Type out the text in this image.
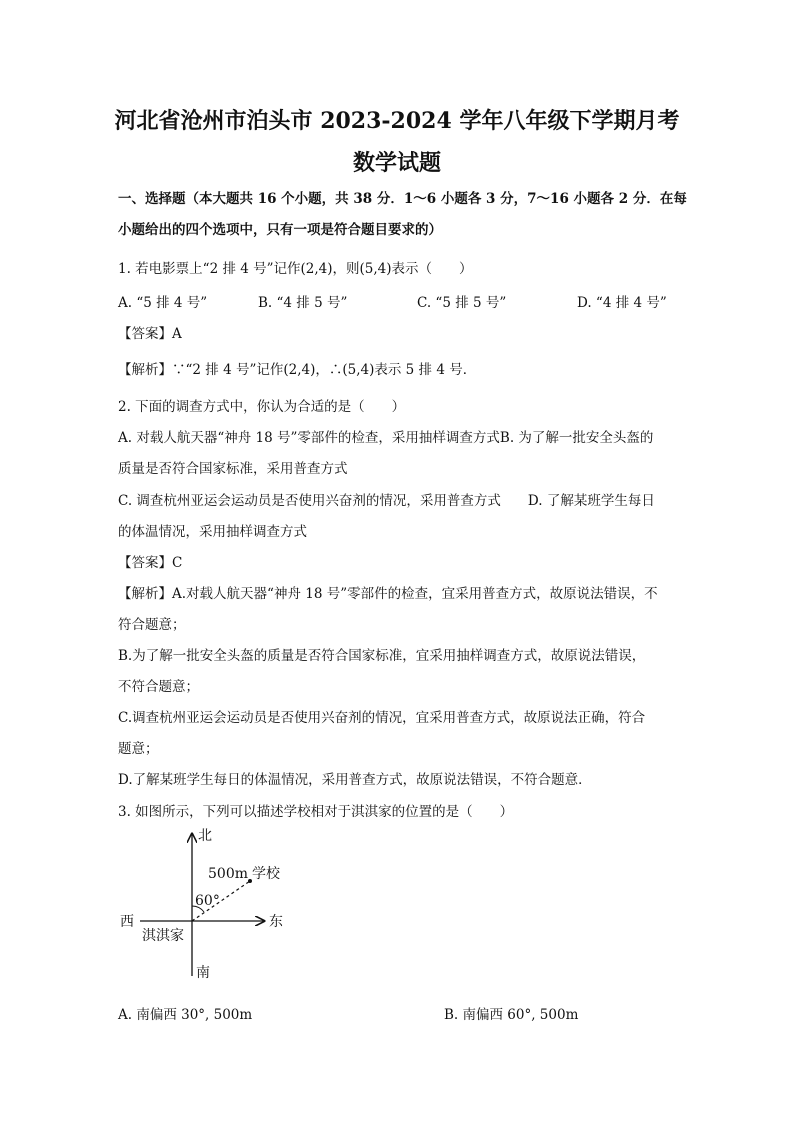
河北省沧州市泊头市 2023-2024 学年八年级下学期月考
数学试题
一、选择题（本大题共 16 个小题，共 38 分．1～6 小题各 3 分，7～16 小题各 2 分．在每
小题给出的四个选项中，只有一项是符合题目要求的）
1. 若电影票上“2 排 4 号”记作(2,4)，则(5,4)表示（　　）
A. “5 排 4 号”	B. “4 排 5 号”	C. “5 排 5 号”	D. “4 排 4 号”
【答案】A
【解析】∵“2 排 4 号”记作(2,4)，∴(5,4)表示 5 排 4 号．
2. 下面的调查方式中，你认为合适的是（　　）
A. 对载人航天器“神舟 18 号”零部件的检查，采用抽样调查方式B. 为了解一批安全头盔的
质量是否符合国家标准，采用普查方式
C. 调查杭州亚运会运动员是否使用兴奋剂的情况，采用普查方式　　D. 了解某班学生每日
的体温情况，采用抽样调查方式
【答案】C
【解析】A.对载人航天器“神舟 18 号”零部件的检查，宜采用普查方式，故原说法错误，不
符合题意；
B.为了解一批安全头盔的质量是否符合国家标准，宜采用抽样调查方式，故原说法错误，
不符合题意；
C.调查杭州亚运会运动员是否使用兴奋剂的情况，宜采用普查方式，故原说法正确，符合
题意；
D.了解某班学生每日的体温情况，采用普查方式，故原说法错误，不符合题意．
3. 如图所示，下列可以描述学校相对于淇淇家的位置的是（　　）
北
南
东
西
淇淇家
500m 学校
60°
A. 南偏西 30°, 500m	B. 南偏西 60°, 500m
